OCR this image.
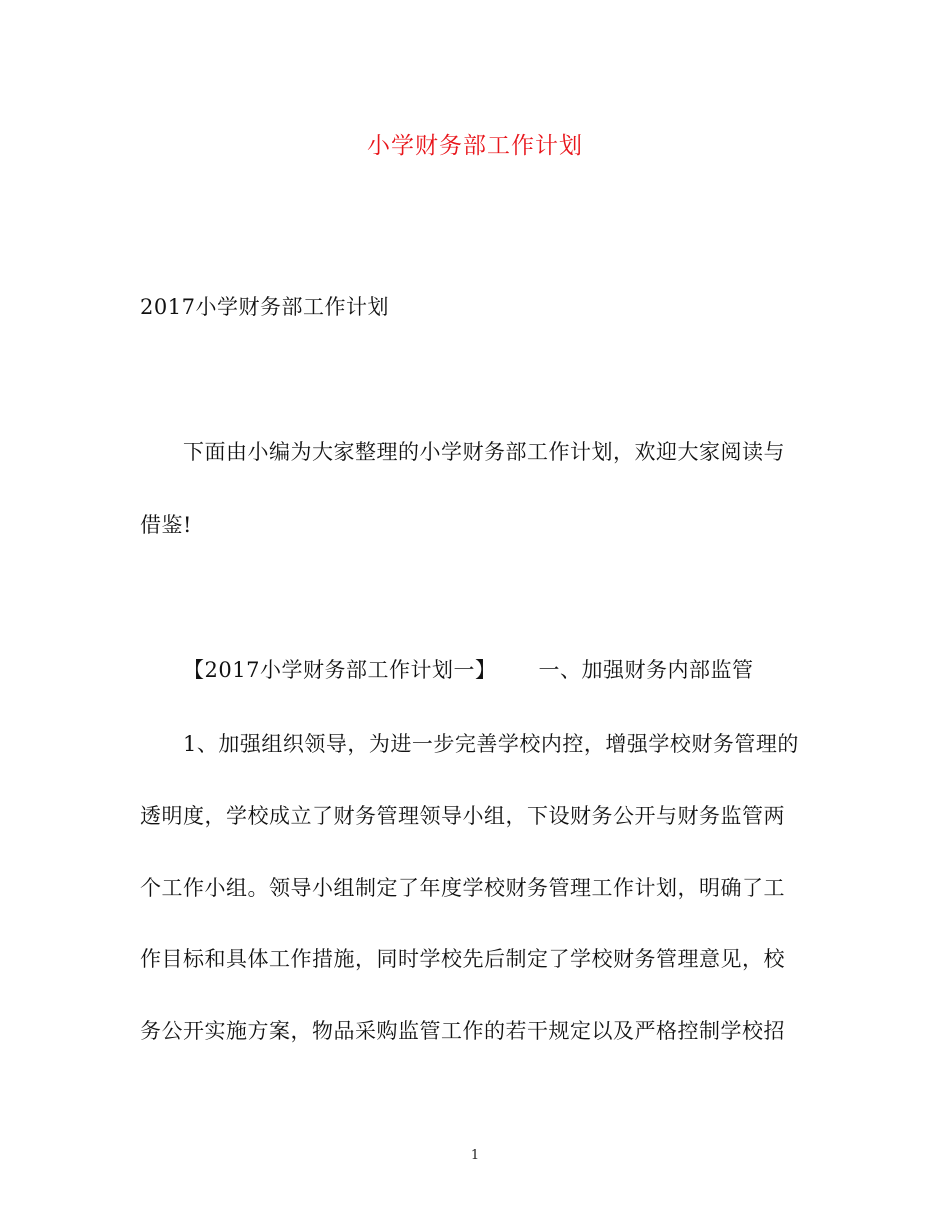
小学财务部工作计划
2017小学财务部工作计划
下面由小编为大家整理的小学财务部工作计划，欢迎大家阅读与
借鉴!
【2017小学财务部工作计划一】 一、加强财务内部监管
1、加强组织领导，为进一步完善学校内控，增强学校财务管理的
透明度，学校成立了财务管理领导小组，下设财务公开与财务监管两
个工作小组。领导小组制定了年度学校财务管理工作计划，明确了工
作目标和具体工作措施，同时学校先后制定了学校财务管理意见，校
务公开实施方案，物品采购监管工作的若干规定以及严格控制学校招
1
